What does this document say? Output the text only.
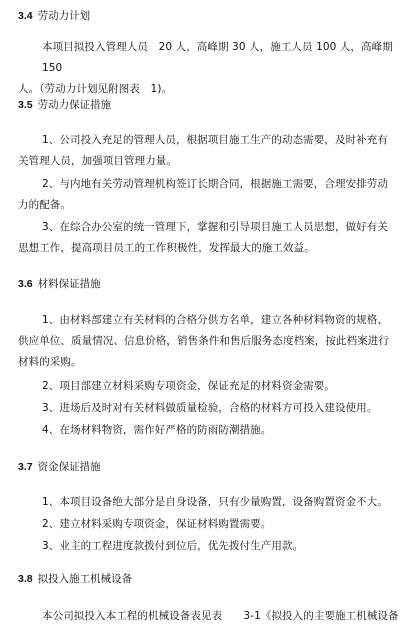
3.4 劳动力计划
本项目拟投入管理人员　20 人，高峰期 30 人，施工人员 100 人，高峰期 150
人。（劳动力计划见附图表　1)。
3.5 劳动力保证措施
1、公司投入充足的管理人员，根据项目施工生产的动态需要，及时补充有
关管理人员，加强项目管理力量。
2、与内地有关劳动管理机构签订长期合同，根据施工需要，合理安排劳动
力的配备。
3、在综合办公室的统一管理下，掌握和引导项目施工人员思想，做好有关
思想工作，提高项目员工的工作积极性，发挥最大的施工效益。
3.6 材料保证措施
1、由材料部建立有关材料的合格分供方名单，建立各种材料物资的规格、
供应单位、质量情况、信息价格，销售条件和售后服务态度档案，按此档案进行
材料的采购。
2、项目部建立材料采购专项资金，保证充足的材料资金需要。
3、进场后及时对有关材料做质量检验，合格的材料方可投入建设使用。
4、在场材料物资，需作好严格的防雨防潮措施。
3.7 资金保证措施
1、本项目设备绝大部分是自身设备，只有少量购置，设备购置资金不大。
2、建立材料采购专项资金，保证材料购置需要。
3、业主的工程进度款拨付到位后，优先拨付生产用款。
3.8 拟投入施工机械设备
本公司拟投入本工程的机械设备表见表　　3-1《拟投入的主要施工机械设备
